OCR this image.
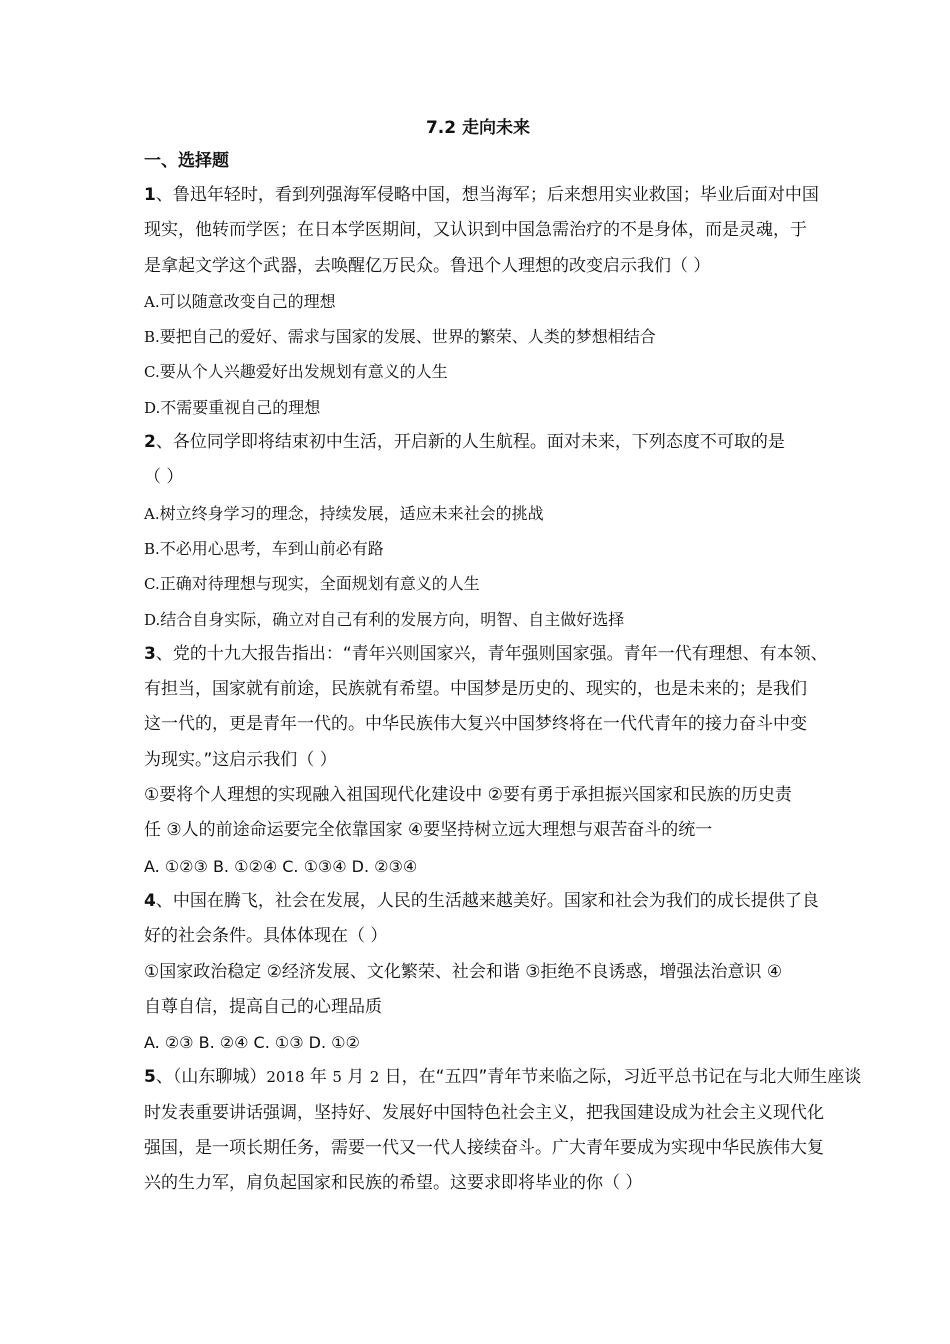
7.2 走向未来
一、选择题
1、鲁迅年轻时，看到列强海军侵略中国，想当海军；后来想用实业救国；毕业后面对中国
现实，他转而学医；在日本学医期间，又认识到中国急需治疗的不是身体，而是灵魂，于
是拿起文学这个武器，去唤醒亿万民众。鲁迅个人理想的改变启示我们（ ）
A.可以随意改变自己的理想
B.要把自己的爱好、需求与国家的发展、世界的繁荣、人类的梦想相结合
C.要从个人兴趣爱好出发规划有意义的人生
D.不需要重视自己的理想
2、各位同学即将结束初中生活，开启新的人生航程。面对未来，下列态度不可取的是
（ ）
A.树立终身学习的理念，持续发展，适应未来社会的挑战
B.不必用心思考，车到山前必有路
C.正确对待理想与现实，全面规划有意义的人生
D.结合自身实际，确立对自己有利的发展方向，明智、自主做好选择
3、党的十九大报告指出：“青年兴则国家兴，青年强则国家强。青年一代有理想、有本领、
有担当，国家就有前途，民族就有希望。中国梦是历史的、现实的，也是未来的；是我们
这一代的，更是青年一代的。中华民族伟大复兴中国梦终将在一代代青年的接力奋斗中变
为现实。”这启示我们（ ）
①要将个人理想的实现融入祖国现代化建设中 ②要有勇于承担振兴国家和民族的历史责
任 ③人的前途命运要完全依靠国家 ④要坚持树立远大理想与艰苦奋斗的统一
A. ①②③ B. ①②④ C. ①③④ D. ②③④
4、中国在腾飞，社会在发展，人民的生活越来越美好。国家和社会为我们的成长提供了良
好的社会条件。具体体现在（ ）
①国家政治稳定 ②经济发展、文化繁荣、社会和谐 ③拒绝不良诱惑，增强法治意识 ④
自尊自信，提高自己的心理品质
A. ②③ B. ②④ C. ①③ D. ①②
5、（山东聊城）2018 年 5 月 2 日，在“五四”青年节来临之际，习近平总书记在与北大师生座谈
时发表重要讲话强调，坚持好、发展好中国特色社会主义，把我国建设成为社会主义现代化
强国，是一项长期任务，需要一代又一代人接续奋斗。广大青年要成为实现中华民族伟大复
兴的生力军，肩负起国家和民族的希望。这要求即将毕业的你（ ）
